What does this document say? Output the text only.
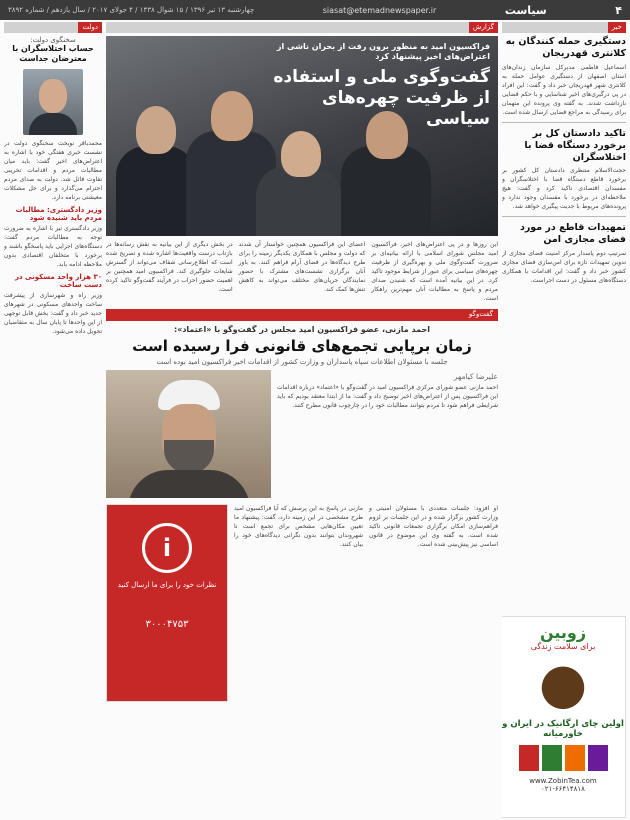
۴
سیاست
siasat@etemadnewspaper.ir
چهارشنبه ۱۳ تیر ۱۳۹۶ / ۱۵ شوال ۱۴۳۸ / ۴ جولای ۲۰۱۷ / سال یازدهم / شماره ۳۸۹۲
خبر
دستگیری حمله کنندگان به کلانتری قهدریجان
اسماعیل فاطمی مدیرکل سازمان زندان‌های استان اصفهان از دستگیری عوامل حمله به کلانتری شهر قهدریجان خبر داد و گفت: این افراد در پی درگیری‌های اخیر شناسایی و با حکم قضایی بازداشت شدند. به گفته وی پرونده این متهمان برای رسیدگی به مراجع قضایی ارسال شده است.
تاکید دادستان کل بر برخورد دستگاه قضا با اختلاسگران
حجت‌الاسلام منتظری دادستان کل کشور بر برخورد قاطع دستگاه قضا با اختلاسگران و مفسدان اقتصادی تاکید کرد و گفت: هیچ ملاحظه‌ای در برخورد با مفسدان وجود ندارد و پرونده‌های مربوط با جدیت پیگیری خواهد شد.
تمهیدات قاطع در مورد فضای مجازی امن
سرتیپ دوم پاسدار مرکز امنیت فضای مجازی از تدوین تمهیدات تازه برای امن‌سازی فضای مجازی کشور خبر داد و گفت: این اقدامات با همکاری دستگاه‌های مسئول در دست اجراست.
زوبین
برای سلامت زندگی
اولین چای ارگانیک در ایران و خاورمیانه
www.ZobinTea.com
۰۲۱-۶۶۴۱۴۸۱۸
گزارش
فراکسیون امید به منظور برون رفت از بحران ناشی از اعتراض‌های اخیر پیشنهاد کرد
گفت‌وگوی ملی و استفاده از ظرفیت چهره‌های سیاسی
این روزها و در پی اعتراض‌های اخیر، فراکسیون امید مجلس شورای اسلامی با ارائه بیانیه‌ای بر ضرورت گفت‌وگوی ملی و بهره‌گیری از ظرفیت چهره‌های سیاسی برای عبور از شرایط موجود تاکید کرد. در این بیانیه آمده است که شنیدن صدای مردم و پاسخ به مطالبات آنان مهم‌ترین راهکار است.
اعضای این فراکسیون همچنین خواستار آن شدند که دولت و مجلس با همکاری یکدیگر زمینه را برای طرح دیدگاه‌ها در فضای آرام فراهم کنند. به باور آنان برگزاری نشست‌های مشترک با حضور نمایندگان جریان‌های مختلف می‌تواند به کاهش تنش‌ها کمک کند.
در بخش دیگری از این بیانیه به نقش رسانه‌ها در بازتاب درست واقعیت‌ها اشاره شده و تصریح شده است که اطلاع‌رسانی شفاف می‌تواند از گسترش شایعات جلوگیری کند. فراکسیون امید همچنین بر اهمیت حضور احزاب در فرآیند گفت‌وگو تاکید کرده است.
گفت‌وگو
احمد مازنی، عضو فراکسیون امید مجلس در گفت‌وگو با «اعتماد»:
زمان برپایی تجمع‌های قانونی فرا رسیده است
جلسه با مسئولان اطلاعات سپاه پاسداران و وزارت کشور از اقدامات اخیر فراکسیون امید بوده است
علیرضا کیامهر
احمد مازنی عضو شورای مرکزی فراکسیون امید در گفت‌وگو با «اعتماد» درباره اقدامات این فراکسیون پس از اعتراض‌های اخیر توضیح داد و گفت: ما از ابتدا معتقد بودیم که باید شرایطی فراهم شود تا مردم بتوانند مطالبات خود را در چارچوب قانون مطرح کنند.
او افزود: جلسات متعددی با مسئولان امنیتی و وزارت کشور برگزار شده و در این جلسات بر لزوم فراهم‌سازی امکان برگزاری تجمعات قانونی تاکید شده است. به گفته وی این موضوع در قانون اساسی نیز پیش‌بینی شده است.
مازنی در پاسخ به این پرسش که آیا فراکسیون امید طرح مشخصی در این زمینه دارد، گفت: پیشنهاد ما تعیین مکان‌هایی مشخص برای تجمع است تا شهروندان بتوانند بدون نگرانی دیدگاه‌های خود را بیان کنند.
i
نظرات خود را برای ما ارسال کنید
۳۰۰۰۴۷۵۳
دولت
سخنگوی دولت:
حساب اختلاسگران با معترضان جداست
محمدباقر نوبخت سخنگوی دولت در نشست خبری هفتگی خود با اشاره به اعتراض‌های اخیر گفت: باید میان مطالبات مردم و اقدامات تخریبی تفاوت قائل شد. دولت به صدای مردم احترام می‌گذارد و برای حل مشکلات معیشتی برنامه دارد.
وزیر دادگستری: مطالبات مردم باید شنیده شود
وزیر دادگستری نیز با اشاره به ضرورت توجه به مطالبات مردم گفت: دستگاه‌های اجرایی باید پاسخگو باشند و برخورد با متخلفان اقتصادی بدون ملاحظه ادامه یابد.
۳۰ هزار واحد مسکونی در دست ساخت
وزیر راه و شهرسازی از پیشرفت ساخت واحدهای مسکونی در شهرهای جدید خبر داد و گفت: بخش قابل توجهی از این واحدها تا پایان سال به متقاضیان تحویل داده می‌شود.
